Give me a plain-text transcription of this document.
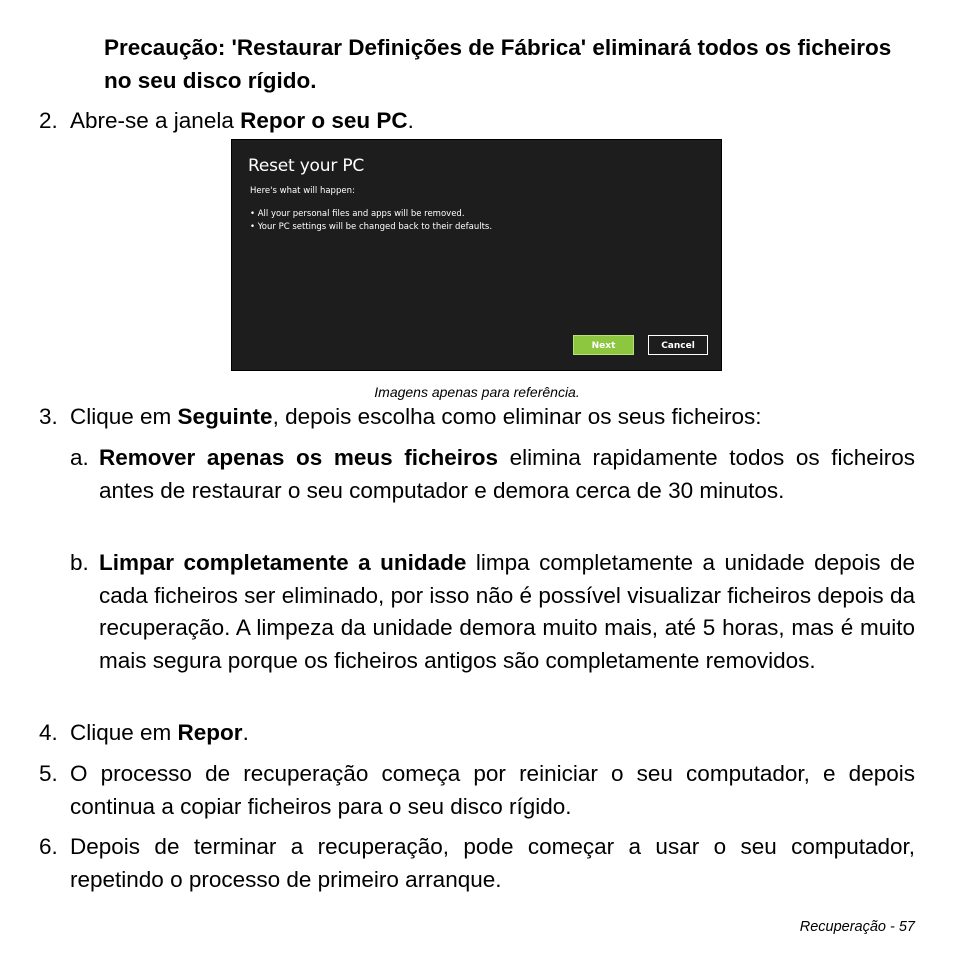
Precaução: 'Restaurar Definições de Fábrica' eliminará todos os ficheiros no seu disco rígido.
2. Abre-se a janela Repor o seu PC.
Reset your PC
Here's what will happen:
• All your personal files and apps will be removed.
• Your PC settings will be changed back to their defaults.
Next	Cancel
Imagens apenas para referência.
3. Clique em Seguinte, depois escolha como eliminar os seus ficheiros:
a. Remover apenas os meus ficheiros elimina rapidamente todos os ficheiros antes de restaurar o seu computador e demora cerca de 30 minutos.
b. Limpar completamente a unidade limpa completamente a unidade depois de cada ficheiros ser eliminado, por isso não é possível visualizar ficheiros depois da recuperação. A limpeza da unidade demora muito mais, até 5 horas, mas é muito mais segura porque os ficheiros antigos são completamente removidos.
4. Clique em Repor.
5. O processo de recuperação começa por reiniciar o seu computador, e depois continua a copiar ficheiros para o seu disco rígido.
6. Depois de terminar a recuperação, pode começar a usar o seu computador, repetindo o processo de primeiro arranque.
Recuperação - 57
